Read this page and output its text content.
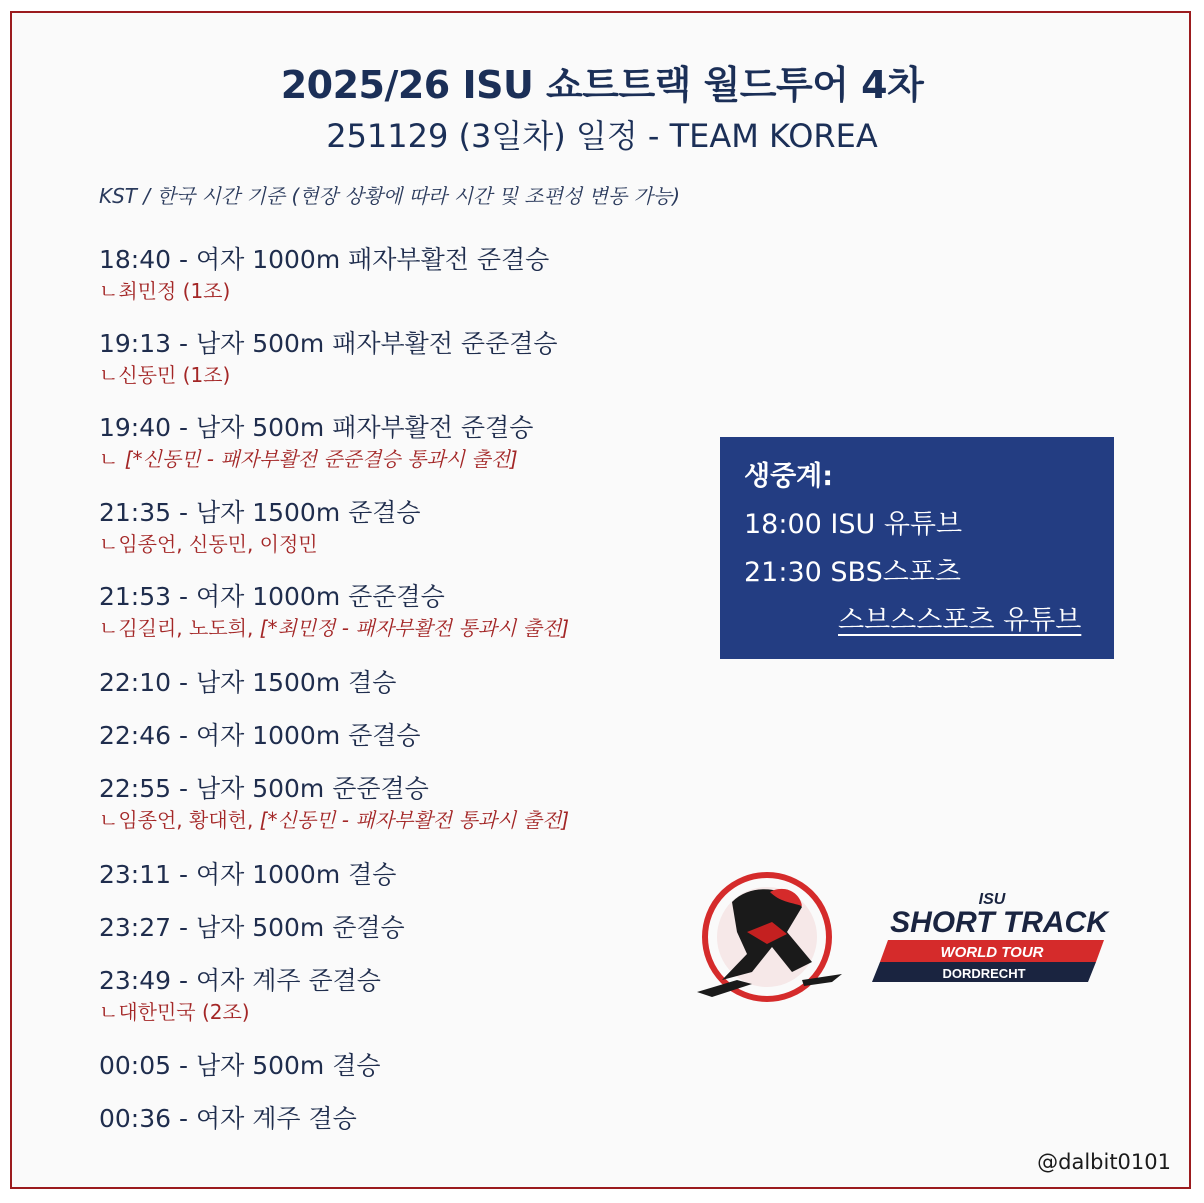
2025/26 ISU 쇼트트랙 월드투어 4차
251129 (3일차) 일정 - TEAM KOREA
KST / 한국 시간 기준 (현장 상황에 따라 시간 및 조편성 변동 가능)
18:40 - 여자 1000m 패자부활전 준결승
ㄴ최민정 (1조)
19:13 - 남자 500m 패자부활전 준준결승
ㄴ신동민 (1조)
19:40 - 남자 500m 패자부활전 준결승
ㄴ [*신동민 - 패자부활전 준준결승 통과시 출전]
21:35 - 남자 1500m 준결승
ㄴ임종언, 신동민, 이정민
21:53 - 여자 1000m 준준결승
ㄴ김길리, 노도희, [*최민정 - 패자부활전 통과시 출전]
22:10 - 남자 1500m 결승
22:46 - 여자 1000m 준결승
22:55 - 남자 500m 준준결승
ㄴ임종언, 황대헌, [*신동민 - 패자부활전 통과시 출전]
23:11 - 여자 1000m 결승
23:27 - 남자 500m 준결승
23:49 - 여자 계주 준결승
ㄴ대한민국 (2조)
00:05 - 남자 500m 결승
00:36 - 여자 계주 결승
생중계:
18:00 ISU 유튜브
21:30 SBS스포츠
스브스스포츠 유튜브
ISU
SHORT TRACK
WORLD TOUR
DORDRECHT
@dalbit0101
